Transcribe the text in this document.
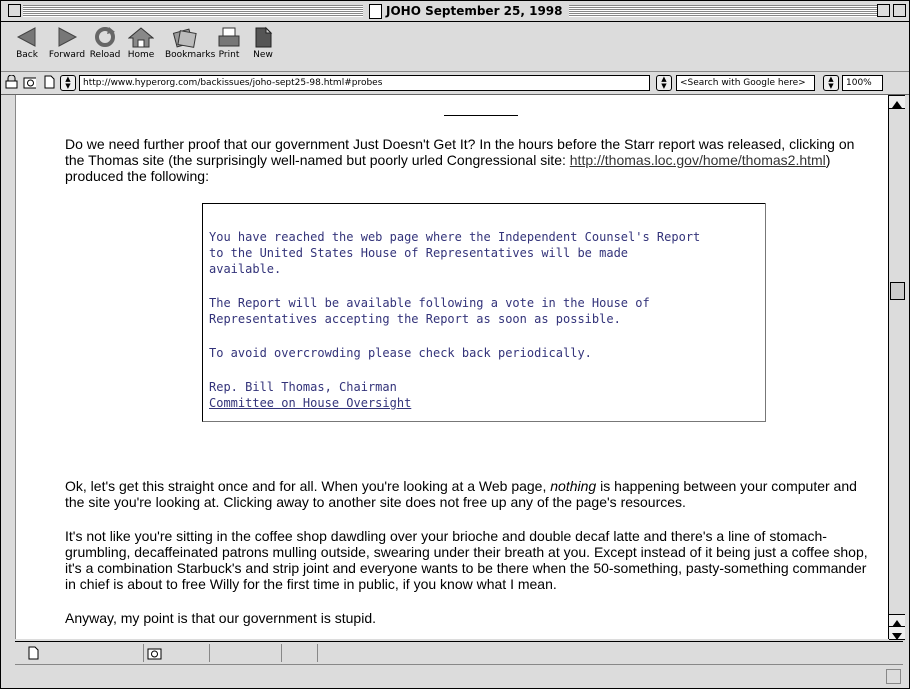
JOHO September 25, 1998
Back	Forward Reload Home	Bookmarks Print	New
▲
▼	http://www.hyperorg.com/backissues/joho-sept25-98.html#probes	▲
▼	<Search with Google here>	▲
▼	100%

Do we need further proof that our government Just Doesn't Get It? In the hours before the Starr report was released, clicking on the Thomas site (the surprisingly well-named but poorly urled Congressional site: http://thomas.loc.gov/home/thomas2.html) produced the following:

You have reached the web page where the Independent Counsel's Report
to the United States House of Representatives will be made
available.
The Report will be available following a vote in the House of
Representatives accepting the Report as soon as possible.
To avoid overcrowding please check back periodically.
Rep. Bill Thomas, Chairman
Committee on House Oversight

Ok, let's get this straight once and for all. When you're looking at a Web page, nothing is happening between your computer and the site you're looking at. Clicking away to another site does not free up any of the page's resources.

It's not like you're sitting in the coffee shop dawdling over your brioche and double decaf latte and there's a line of stomach-grumbling, decaffeinated patrons mulling outside, swearing under their breath at you. Except instead of it being just a coffee shop, it's a combination Starbuck's and strip joint and everyone wants to be there when the 50-something, pasty-something commander in chief is about to free Willy for the first time in public, if you know what I mean.

Anyway, my point is that our government is stupid.
